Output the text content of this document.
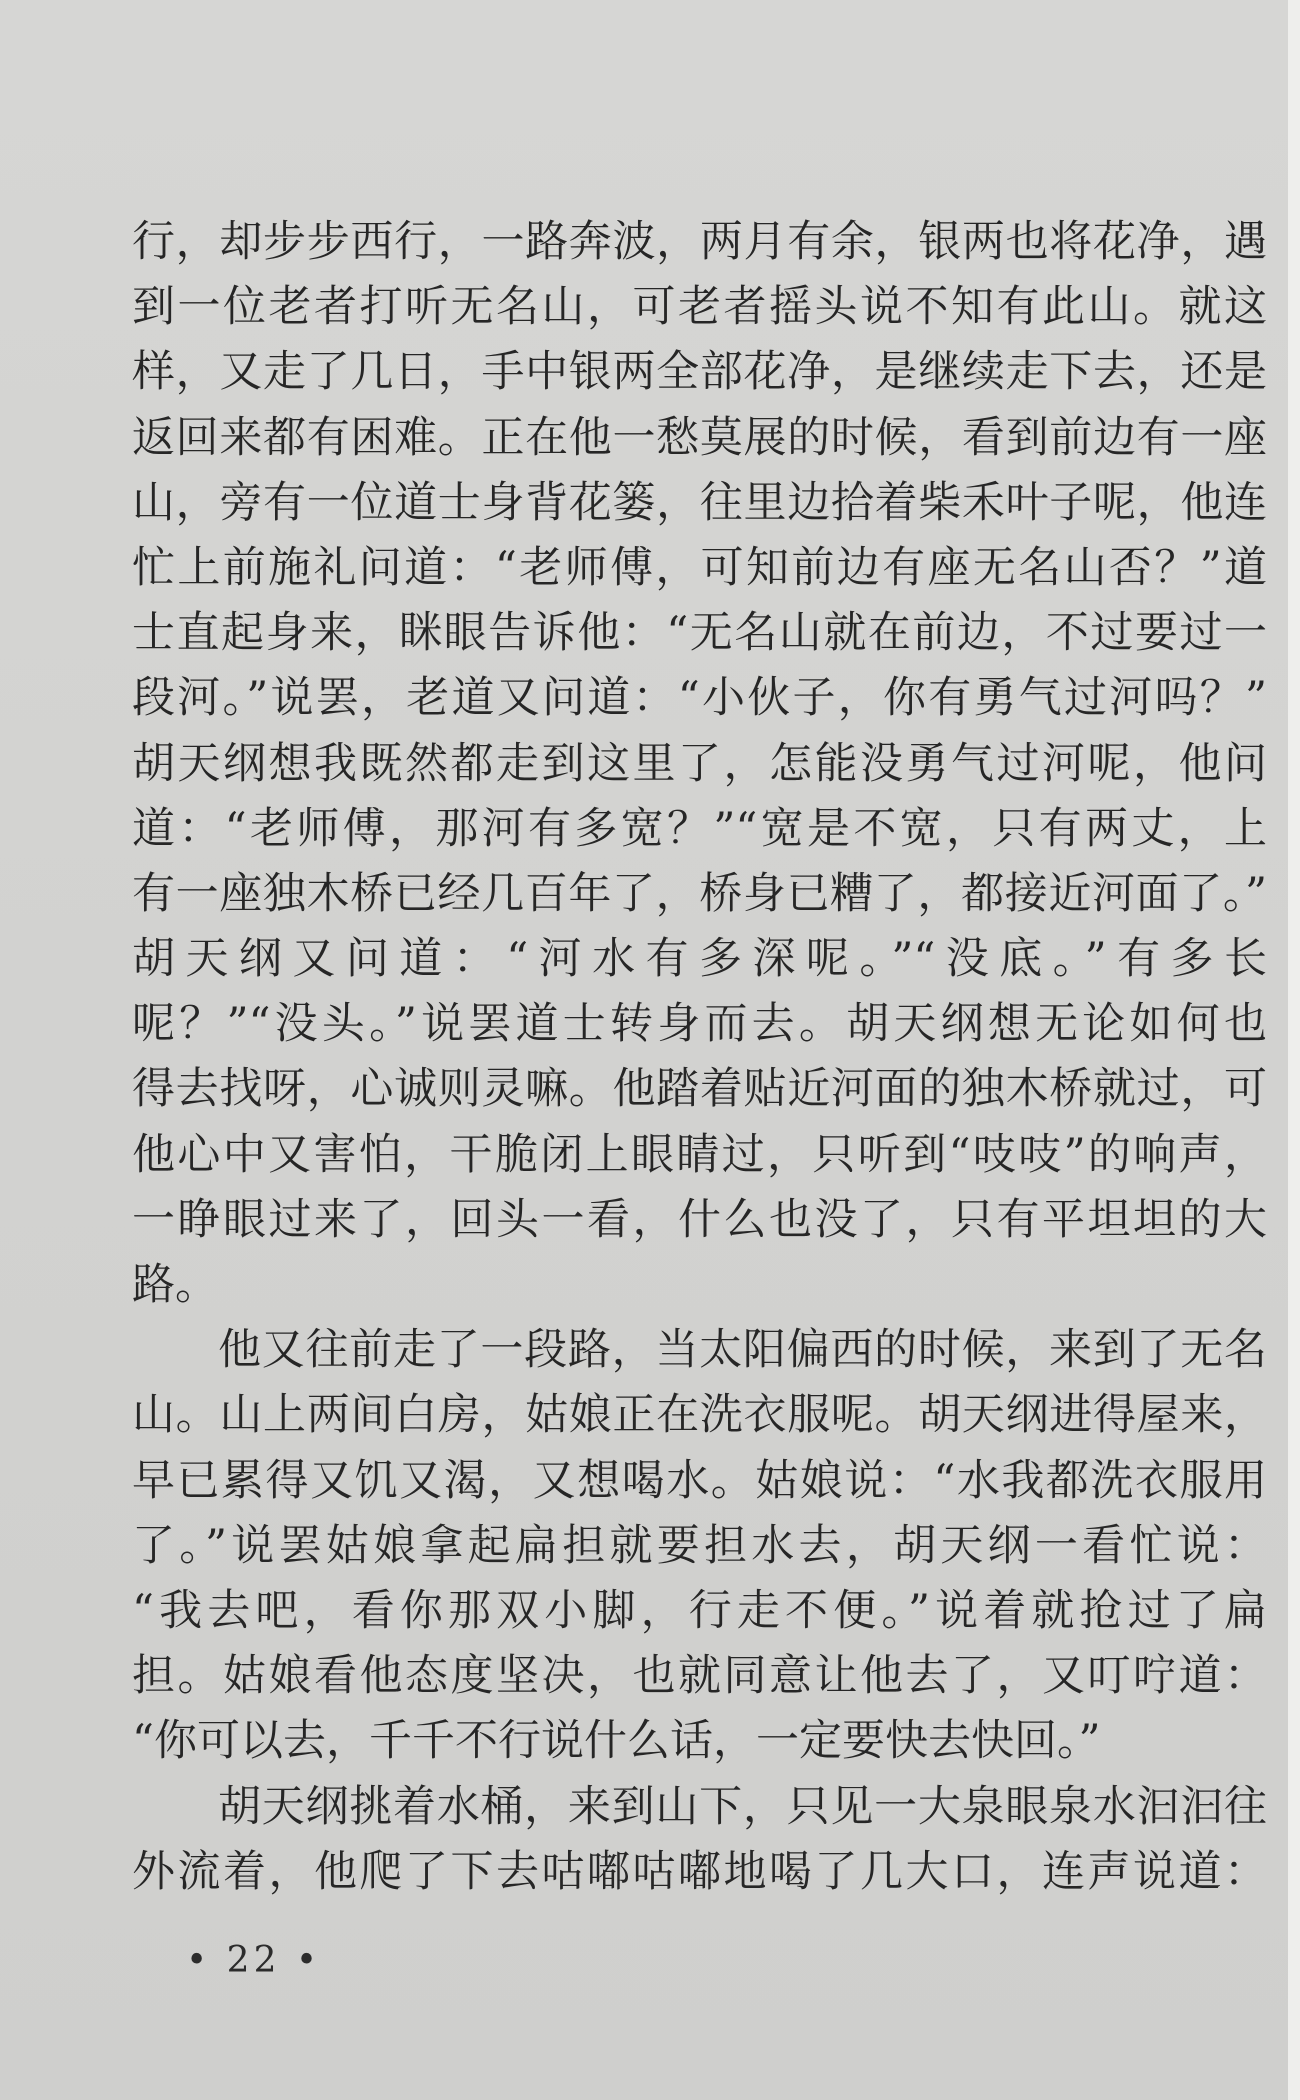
行，却步步西行，一路奔波，两月有余，银两也将花净，遇
到一位老者打听无名山，可老者摇头说不知有此山。就这
样，又走了几日，手中银两全部花净，是继续走下去，还是
返回来都有困难。正在他一愁莫展的时候，看到前边有一座
山，旁有一位道士身背花篓，往里边拾着柴禾叶子呢，他连
忙上前施礼问道：“老师傅，可知前边有座无名山否？”道
士直起身来，眯眼告诉他：“无名山就在前边，不过要过一
段河。”说罢，老道又问道：“小伙子，你有勇气过河吗？”
胡天纲想我既然都走到这里了，怎能没勇气过河呢，他问
道：“老师傅，那河有多宽？”“宽是不宽，只有两丈，上
有一座独木桥已经几百年了，桥身已糟了，都接近河面了。”
胡天纲又问道：“河水有多深呢。”“没底。”有多长
呢？”“没头。”说罢道士转身而去。胡天纲想无论如何也
得去找呀，心诚则灵嘛。他踏着贴近河面的独木桥就过，可
他心中又害怕，干脆闭上眼睛过，只听到“吱吱”的响声，
一睁眼过来了，回头一看，什么也没了，只有平坦坦的大
路。
他又往前走了一段路，当太阳偏西的时候，来到了无名
山。山上两间白房，姑娘正在洗衣服呢。胡天纲进得屋来，
早已累得又饥又渴，又想喝水。姑娘说：“水我都洗衣服用
了。”说罢姑娘拿起扁担就要担水去，胡天纲一看忙说：
“我去吧，看你那双小脚，行走不便。”说着就抢过了扁
担。姑娘看他态度坚决，也就同意让他去了，又叮咛道：
“你可以去，千千不行说什么话，一定要快去快回。”
胡天纲挑着水桶，来到山下，只见一大泉眼泉水汩汩往
外流着，他爬了下去咕嘟咕嘟地喝了几大口，连声说道：
• 22 •
